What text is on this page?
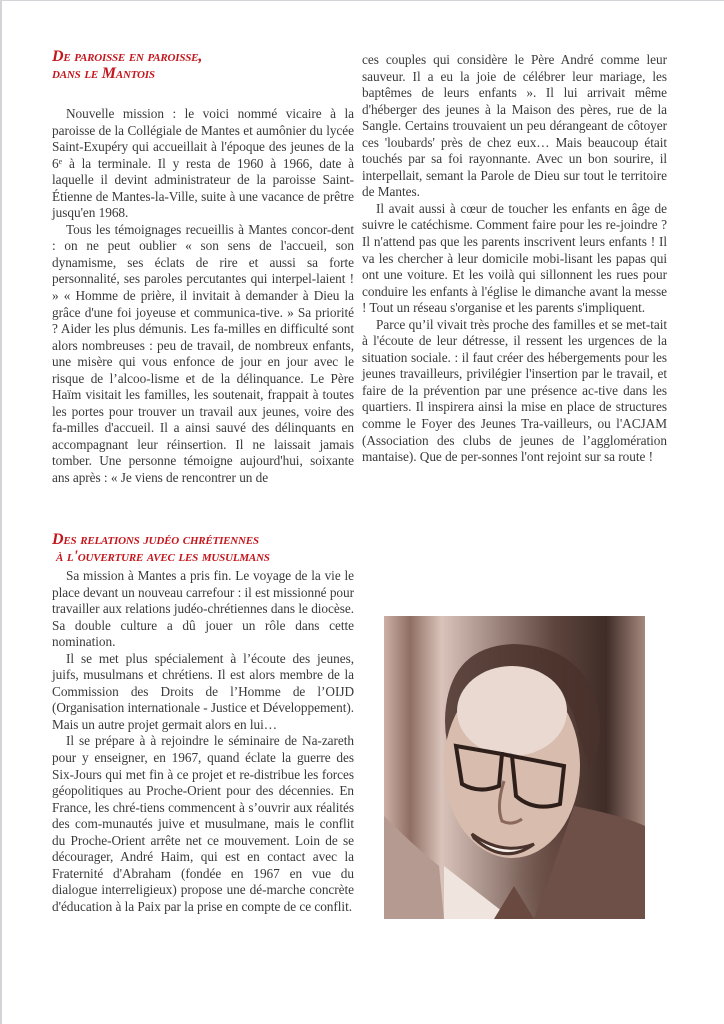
De paroisse en paroisse,
dans le Mantois

Nouvelle mission : le voici nommé vicaire à la paroisse de la Collégiale de Mantes et aumônier du lycée Saint-Exupéry qui accueillait à l'époque des jeunes de la 6e à la terminale. Il y resta de 1960 à 1966, date à laquelle il devint administrateur de la paroisse Saint-Étienne de Mantes-la-Ville, suite à une vacance de prêtre jusqu'en 1968.

Tous les témoignages recueillis à Mantes concor-dent : on ne peut oublier « son sens de l'accueil, son dynamisme, ses éclats de rire et aussi sa forte personnalité, ses paroles percutantes qui interpel-laient ! » « Homme de prière, il invitait à demander à Dieu la grâce d'une foi joyeuse et communica-tive. » Sa priorité ? Aider les plus démunis. Les fa-milles en difficulté sont alors nombreuses : peu de travail, de nombreux enfants, une misère qui vous enfonce de jour en jour avec le risque de l’alcoo-lisme et de la délinquance. Le Père Haïm visitait les familles, les soutenait, frappait à toutes les portes pour trouver un travail aux jeunes, voire des fa-milles d'accueil. Il a ainsi sauvé des délinquants en accompagnant leur réinsertion. Il ne laissait jamais tomber. Une personne témoigne aujourd'hui, soixante ans après : « Je viens de rencontrer un de

ces couples qui considère le Père André comme leur sauveur. Il a eu la joie de célébrer leur mariage, les baptêmes de leurs enfants ». Il lui arrivait même d'héberger des jeunes à la Maison des pères, rue de la Sangle. Certains trouvaient un peu dérangeant de côtoyer ces 'loubards' près de chez eux… Mais beaucoup était touchés par sa foi rayonnante. Avec un bon sourire, il interpellait, semant la Parole de Dieu sur tout le territoire de Mantes.

Il avait aussi à cœur de toucher les enfants en âge de suivre le catéchisme. Comment faire pour les re-joindre ? Il n'attend pas que les parents inscrivent leurs enfants ! Il va les chercher à leur domicile mobi-lisant les papas qui ont une voiture. Et les voilà qui sillonnent les rues pour conduire les enfants à l'église le dimanche avant la messe ! Tout un réseau s'organise et les parents s'impliquent.

Parce qu’il vivait très proche des familles et se met-tait à l'écoute de leur détresse, il ressent les urgences de la situation sociale. : il faut créer des hébergements pour les jeunes travailleurs, privilégier l'insertion par le travail, et faire de la prévention par une présence ac-tive dans les quartiers. Il inspirera ainsi la mise en place de structures comme le Foyer des Jeunes Tra-vailleurs, ou l'ACJAM (Association des clubs de jeunes de l’agglomération mantaise). Que de per-sonnes l'ont rejoint sur sa route !

Des relations judéo chrétiennes
à l'ouverture avec les musulmans

Sa mission à Mantes a pris fin. Le voyage de la vie le place devant un nouveau carrefour : il est missionné pour travailler aux relations judéo-chrétiennes dans le diocèse. Sa double culture a dû jouer un rôle dans cette nomination.

Il se met plus spécialement à l’écoute des jeunes, juifs, musulmans et chrétiens. Il est alors membre de la Commission des Droits de l’Homme de l’OIJD (Organisation internationale - Justice et Développement). Mais un autre projet germait alors en lui…

Il se prépare à à rejoindre le séminaire de Na-zareth pour y enseigner, en 1967, quand éclate la guerre des Six-Jours qui met fin à ce projet et re-distribue les forces géopolitiques au Proche-Orient pour des décennies. En France, les chré-tiens commencent à s’ouvrir aux réalités des com-munautés juive et musulmane, mais le conflit du Proche-Orient arrête net ce mouvement. Loin de se décourager, André Haim, qui est en contact avec la Fraternité d'Abraham (fondée en 1967 en vue du dialogue interreligieux) propose une dé-marche concrète d'éducation à la Paix par la prise en compte de ce conflit.
